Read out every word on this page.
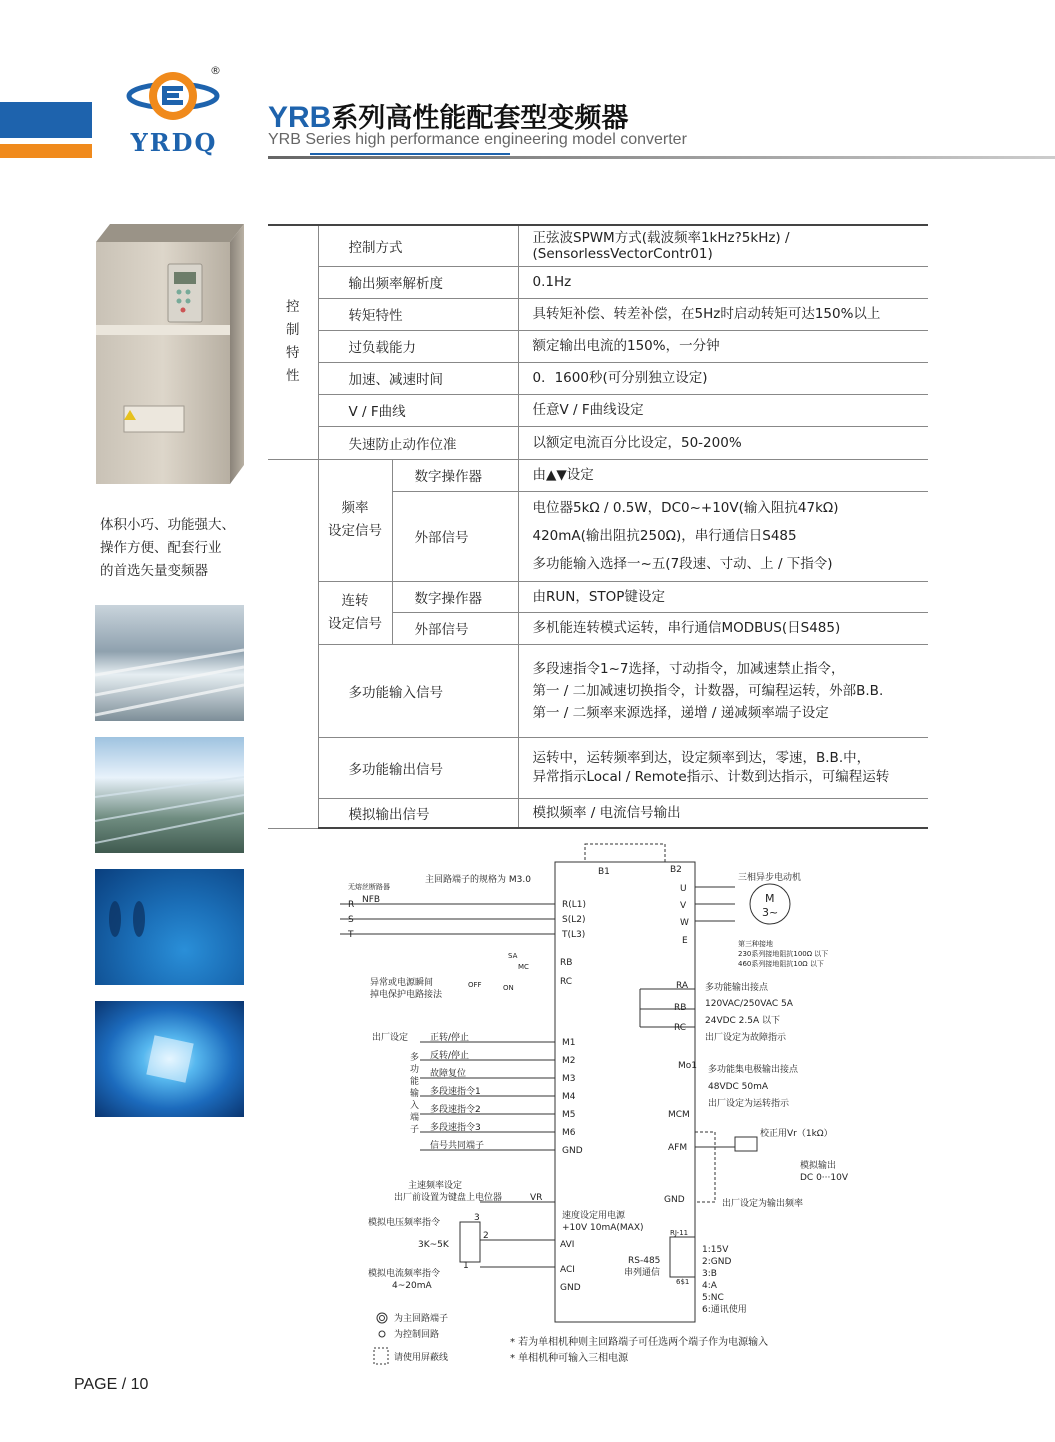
®
YRDQ
YRB系列高性能配套型变频器
YRB Series high performance engineering model converter
体积小巧、功能强大、
操作方便、配套行业
的首选矢量变频器
控
制
特
性	控制方式		正弦波SPWM方式(载波频率1kHz?5kHz) /
(SensorlessVectorContr01)

	输出频率解析度		0.1Hz
	转矩特性		具转矩补偿、转差补偿，在5Hz时启动转矩可达150%以上
	过负载能力		额定输出电流的150%，一分钟
	加速、减速时间		0．1600秒(可分别独立设定)
	V / F曲线		任意V / F曲线设定
	失速防止动作位准		以额定电流百分比设定，50-200%

	频率
设定信号	数字操作器	由▲▼设定
		外部信号	电位器5kΩ / 0.5W，DC0~+10V(输入阻抗47kΩ)
420mA(输出阻抗250Ω)，串行通信日S485
多功能输入选择一~五(7段速、寸动、上 / 下指令)

	连转
设定信号	数字操作器	由RUN，STOP键设定
		外部信号	多机能连转模式运转，串行通信MODBUS(日S485)
	多功能输入信号		多段速指令1~7选择，寸动指令，加减速禁止指令，
第一 / 二加减速切换指令，计数器，可编程运转，外部B.B.
第一 / 二频率来源选择，递增 / 递减频率端子设定

	多功能输出信号		运转中，运转频率到达，设定频率到达，零速，B.B.中，
异常指示Local / Remote指示、计数到达指示，可编程运转

	模拟输出信号		模拟频率 / 电流信号输出
主回路端子的规格为 M3.0
无熔丝断路器
NFB
R
S
T
R(L1)
S(L2)
T(L3)
B1	B2
三相异步电动机
U
V
W
E
M
3~
第三种接地
230系列接地阻抗100Ω 以下
460系列接地阻抗10Ω 以下
SA
MC	RB
RC
OFF	ON
异常或电源瞬间
掉电保护电路接法
RA
RB
RC
多功能输出接点
120VAC/250VAC 5A
24VDC 2.5A 以下
出厂设定为故障指示
出厂设定
多功能输入端子
正转/停止
反转/停止
故障复位
多段速指令1
多段速指令2
多段速指令3
信号共同端子
M1
M2
M3
M4
M5
M6
GND
Mo1 多功能集电极输出接点
48VDC 50mA
出厂设定为运转指示
MCM
AFM
校正用Vr（1kΩ）
模拟输出
DC 0···10V
GND	出厂设定为输出频率
主速频率设定
出厂前设置为键盘上电位器	VR
速度设定用电源
+10V 10mA(MAX)
模拟电压频率指令	3
2
1
3K~5K	AVI
ACI
GND
模拟电流频率指令
4~20mA
RJ-11
RS-485
串列通信
6$1
1:15V
2:GND
3:B
4:A
5:NC
6:通讯使用
为主回路端子
为控制回路
请使用屏蔽线
* 若为单相机种则主回路端子可任选两个端子作为电源输入
* 单相机种可输入三相电源
PAGE / 10
